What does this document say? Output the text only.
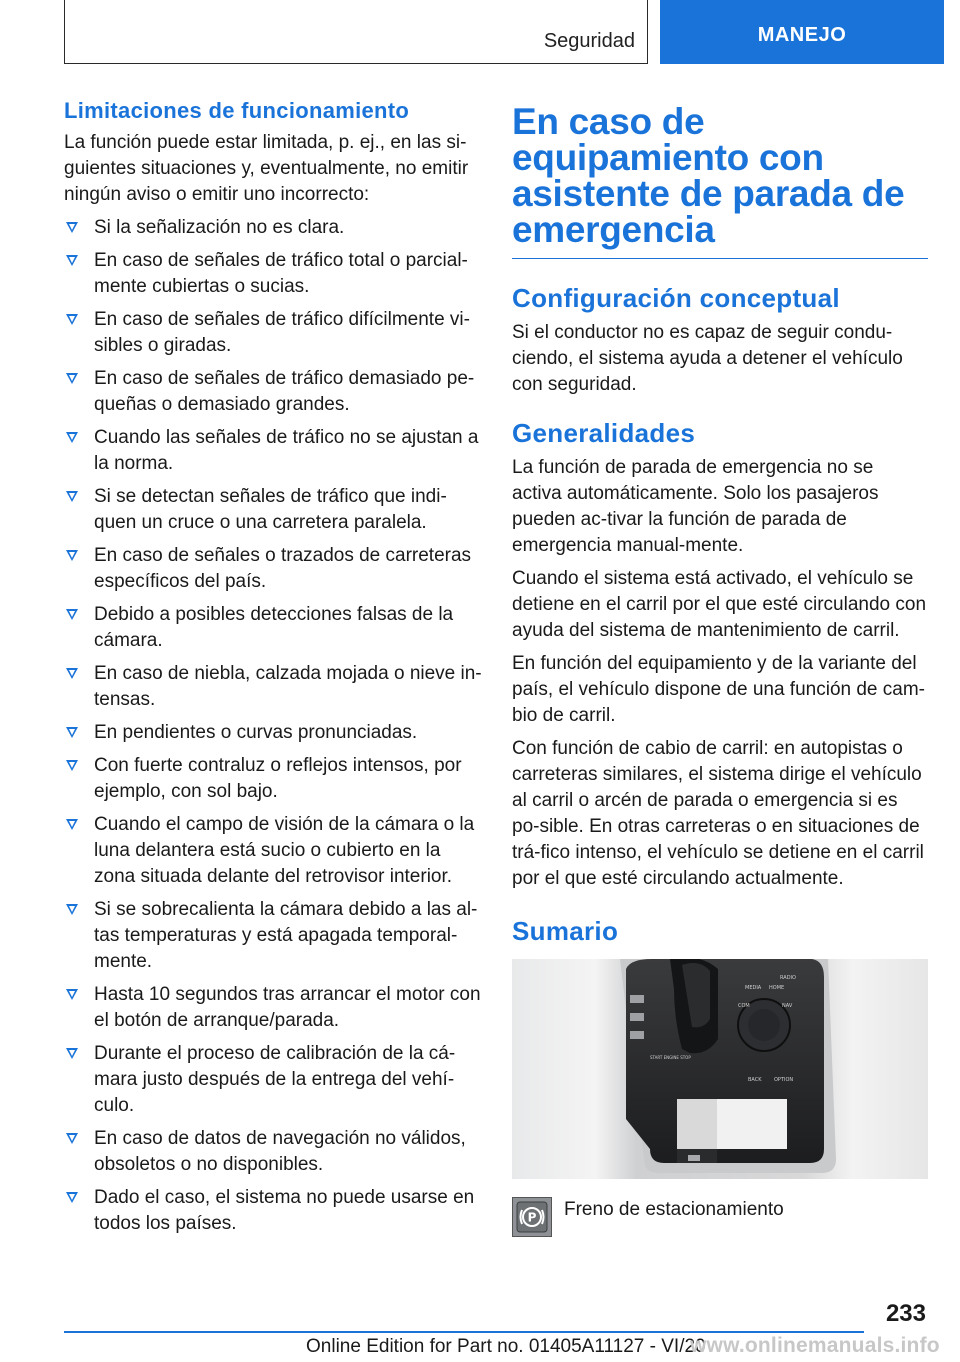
Seguridad	MANEJO
Limitaciones de funcionamiento

La función puede estar limitada, p. ej., en las si-guientes situaciones y, eventualmente, no emitir ningún aviso o emitir uno incorrecto:

Si la señalización no es clara.
En caso de señales de tráfico total o parcial-mente cubiertas o sucias.
En caso de señales de tráfico difícilmente vi-sibles o giradas.
En caso de señales de tráfico demasiado pe-queñas o demasiado grandes.
Cuando las señales de tráfico no se ajustan a la norma.
Si se detectan señales de tráfico que indi-quen un cruce o una carretera paralela.
En caso de señales o trazados de carreteras específicos del país.
Debido a posibles detecciones falsas de la cámara.
En caso de niebla, calzada mojada o nieve in-tensas.
En pendientes o curvas pronunciadas.
Con fuerte contraluz o reflejos intensos, por ejemplo, con sol bajo.
Cuando el campo de visión de la cámara o la luna delantera está sucio o cubierto en la zona situada delante del retrovisor interior.
Si se sobrecalienta la cámara debido a las al-tas temperaturas y está apagada temporal-mente.
Hasta 10 segundos tras arrancar el motor con el botón de arranque/parada.
Durante el proceso de calibración de la cá-mara justo después de la entrega del vehí-culo.
En caso de datos de navegación no válidos, obsoletos o no disponibles.
Dado el caso, el sistema no puede usarse en todos los países.
En caso de equipamiento con asistente de parada de emergencia
Configuración conceptual

Si el conductor no es capaz de seguir condu-ciendo, el sistema ayuda a detener el vehículo con seguridad.

Generalidades

La función de parada de emergencia no se activa automáticamente. Solo los pasajeros pueden ac-tivar la función de parada de emergencia manual-mente.

Cuando el sistema está activado, el vehículo se detiene en el carril por el que esté circulando con ayuda del sistema de mantenimiento de carril.

En función del equipamiento y de la variante del país, el vehículo dispone de una función de cam-bio de carril.

Con función de cabio de carril: en autopistas o carreteras similares, el sistema dirige el vehículo al carril o arcén de parada o emergencia si es po-sible. En otras carreteras o en situaciones de trá-fico intenso, el vehículo se detiene en el carril por el que esté circulando actualmente.

Sumario
MEDIA HOME
RADIO
COM	NAV
BACK OPTION
START ENGINE STOP
P Freno de estacionamiento
233
Online Edition for Part no. 01405A11127 - VI/20
www.onlinemanuals.info
